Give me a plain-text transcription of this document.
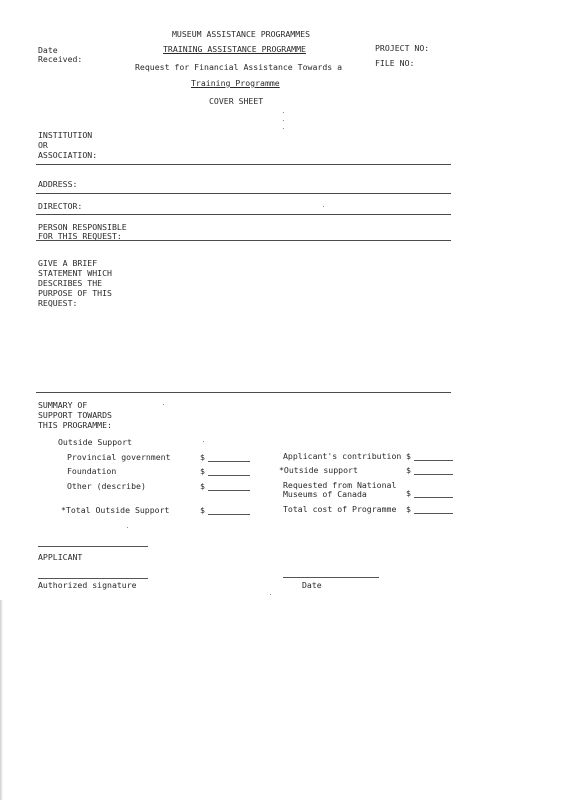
MUSEUM ASSISTANCE PROGRAMMES
TRAINING ASSISTANCE PROGRAMME
Request for Financial Assistance Towards a
Training Programme
COVER SHEET
Date
Received:
PROJECT NO:
FILE NO:
INSTITUTION
OR
ASSOCIATION:
ADDRESS:
DIRECTOR:
PERSON RESPONSIBLE
FOR THIS REQUEST:
GIVE A BRIEF
STATEMENT WHICH
DESCRIBES THE
PURPOSE OF THIS
REQUEST:
SUMMARY OF
SUPPORT TOWARDS
THIS PROGRAMME:
Outside Support
Provincial government	$
Foundation	$
Other (describe)	$
*Total Outside Support	$
Applicant's contribution $
*Outside support	$
Requested from National
Museums of Canada	$
Total cost of Programme $
APPLICANT
Authorized signature	Date
